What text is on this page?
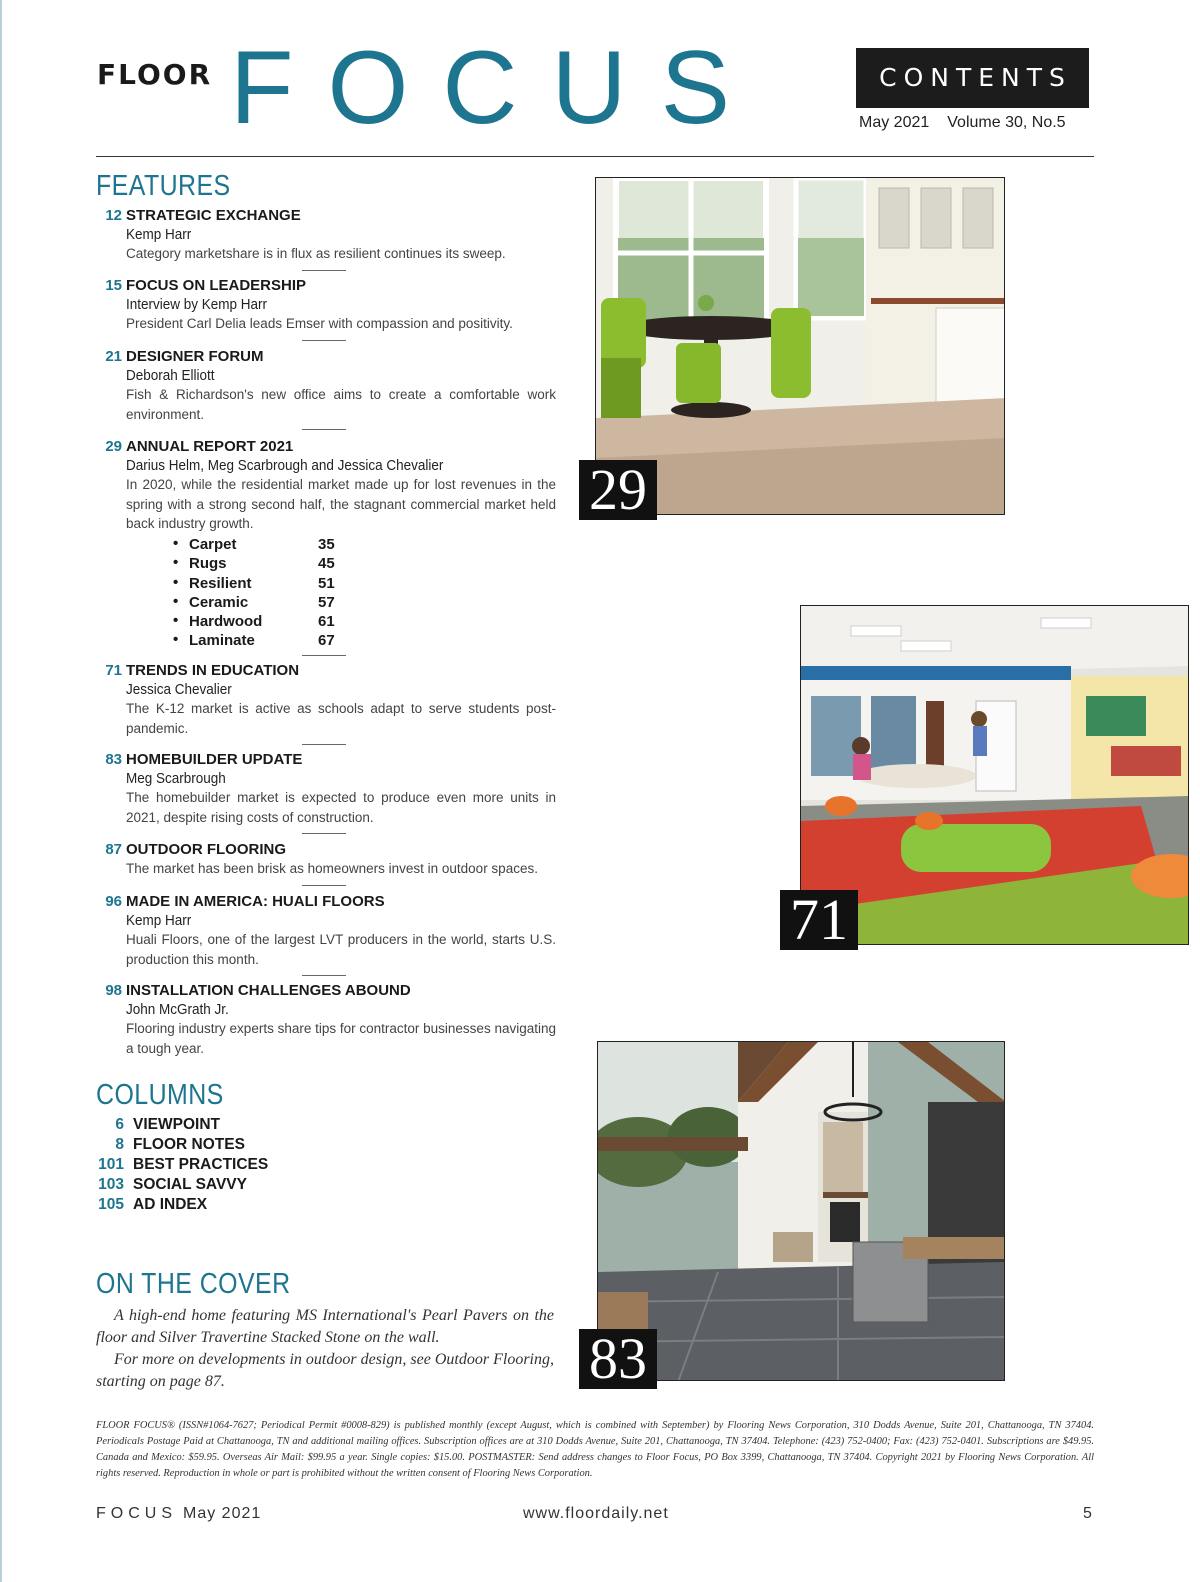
FLOOR FOCUS	CONTENTS
May 2021 Volume 30, No.5
FEATURES
12 STRATEGIC EXCHANGE
Kemp Harr
Category marketshare is in flux as resilient continues its sweep.
15 FOCUS ON LEADERSHIP
Interview by Kemp Harr
President Carl Delia leads Emser with compassion and positivity.
21 DESIGNER FORUM
Deborah Elliott
Fish & Richardson's new office aims to create a comfortable work environment.
29 ANNUAL REPORT 2021
Darius Helm, Meg Scarbrough and Jessica Chevalier
In 2020, while the residential market made up for lost revenues in the spring with a strong second half, the stagnant commercial market held back industry growth.
• Carpet	35
• Rugs	45
• Resilient	51
• Ceramic	57
• Hardwood	61
• Laminate	67
71 TRENDS IN EDUCATION
Jessica Chevalier
The K-12 market is active as schools adapt to serve students post-pandemic.
83 HOMEBUILDER UPDATE
Meg Scarbrough
The homebuilder market is expected to produce even more units in 2021, despite rising costs of construction.
87 OUTDOOR FLOORING
The market has been brisk as homeowners invest in outdoor spaces.
96 MADE IN AMERICA: HUALI FLOORS
Kemp Harr
Huali Floors, one of the largest LVT producers in the world, starts U.S. production this month.
98 INSTALLATION CHALLENGES ABOUND
John McGrath Jr.
Flooring industry experts share tips for contractor businesses navigating a tough year.
COLUMNS
6 VIEWPOINT
8 FLOOR NOTES
101 BEST PRACTICES
103 SOCIAL SAVVY
105 AD INDEX
ON THE COVER

A high-end home featuring MS International's Pearl Pavers on the floor and Silver Travertine Stacked Stone on the wall.

For more on developments in outdoor design, see Outdoor Flooring, starting on page 87.

29
71
83
FLOOR FOCUS® (ISSN#1064-7627; Periodical Permit #0008-829) is published monthly (except August, which is combined with September) by Flooring News Corporation, 310 Dodds Avenue, Suite 201, Chattanooga, TN 37404. Periodicals Postage Paid at Chattanooga, TN and additional mailing offices. Subscription offices are at 310 Dodds Avenue, Suite 201, Chattanooga, TN 37404. Telephone: (423) 752-0400; Fax: (423) 752-0401. Subscriptions are $49.95. Canada and Mexico: $59.95. Overseas Air Mail: $99.95 a year. Single copies: $15.00. POSTMASTER: Send address changes to Floor Focus, PO Box 3399, Chattanooga, TN 37404. Copyright 2021 by Flooring News Corporation. All rights reserved. Reproduction in whole or part is prohibited without the written consent of Flooring News Corporation.
FOCUS May 2021	www.floordaily.net	5
